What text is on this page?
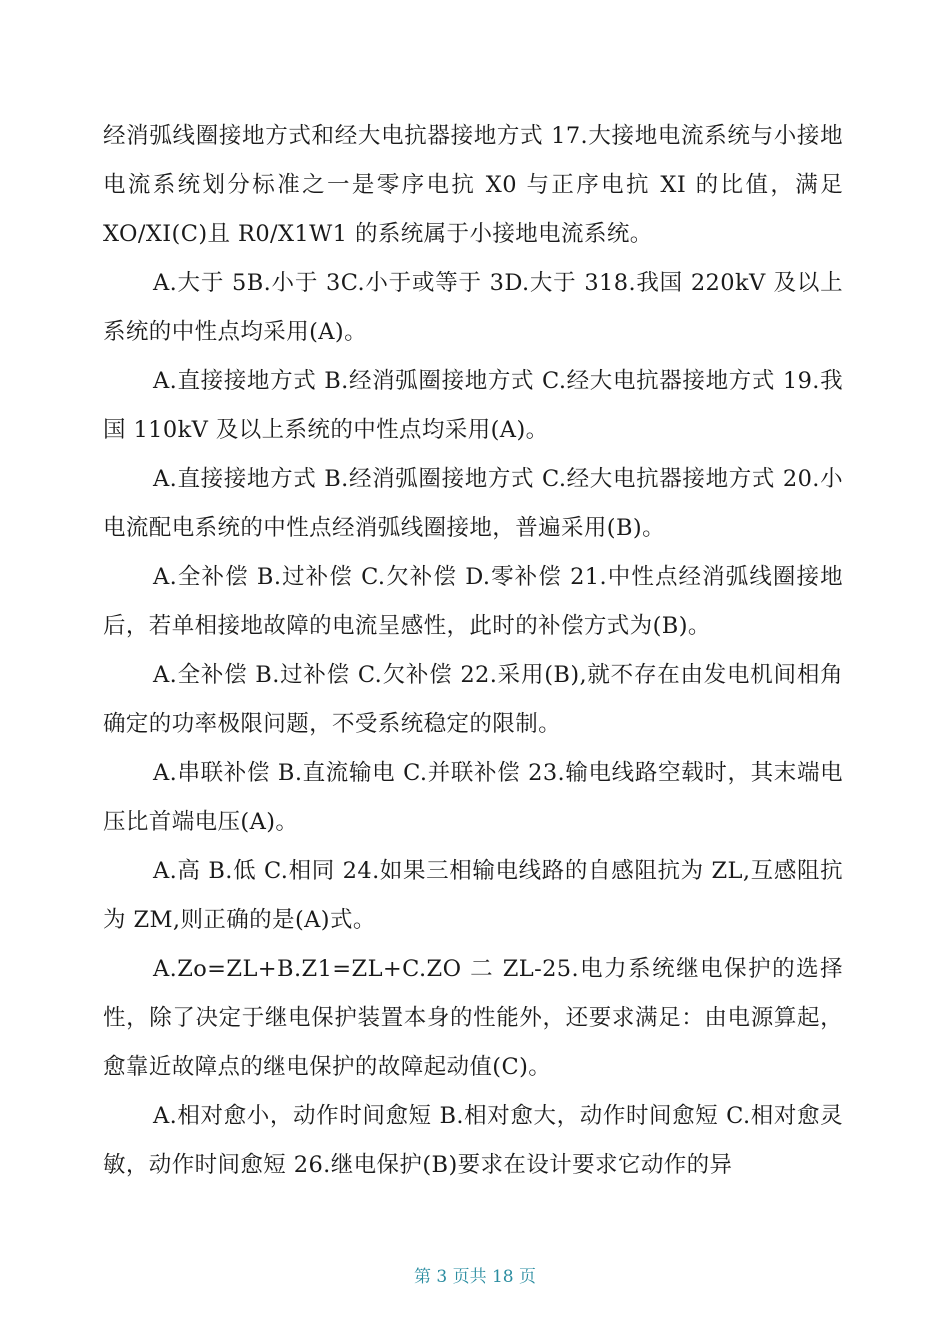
经消弧线圈接地方式和经大电抗器接地方式 17.大接地电流系统与小接地电流系统划分标准之一是零序电抗 X0 与正序电抗 XI 的比值，满足 XO/XI(C)且 R0/X1W1 的系统属于小接地电流系统。

A.大于 5B.小于 3C.小于或等于 3D.大于 318.我国 220kV 及以上系统的中性点均采用(A)。

A.直接接地方式 B.经消弧圈接地方式 C.经大电抗器接地方式 19.我国 110kV 及以上系统的中性点均采用(A)。

A.直接接地方式 B.经消弧圈接地方式 C.经大电抗器接地方式 20.小电流配电系统的中性点经消弧线圈接地，普遍采用(B)。

A.全补偿 B.过补偿 C.欠补偿 D.零补偿 21.中性点经消弧线圈接地后，若单相接地故障的电流呈感性，此时的补偿方式为(B)。

A.全补偿 B.过补偿 C.欠补偿 22.采用(B),就不存在由发电机间相角确定的功率极限问题，不受系统稳定的限制。

A.串联补偿 B.直流输电 C.并联补偿 23.输电线路空载时，其末端电压比首端电压(A)。

A.高 B.低 C.相同 24.如果三相输电线路的自感阻抗为 ZL,互感阻抗为 ZM,则正确的是(A)式。

A.Zo=ZL+B.Z1=ZL+C.ZO 二 ZL-25.电力系统继电保护的选择性，除了决定于继电保护装置本身的性能外，还要求满足：由电源算起，愈靠近故障点的继电保护的故障起动值(C)。

A.相对愈小，动作时间愈短 B.相对愈大，动作时间愈短 C.相对愈灵敏，动作时间愈短 26.继电保护(B)要求在设计要求它动作的异

第 3 页共 18 页
